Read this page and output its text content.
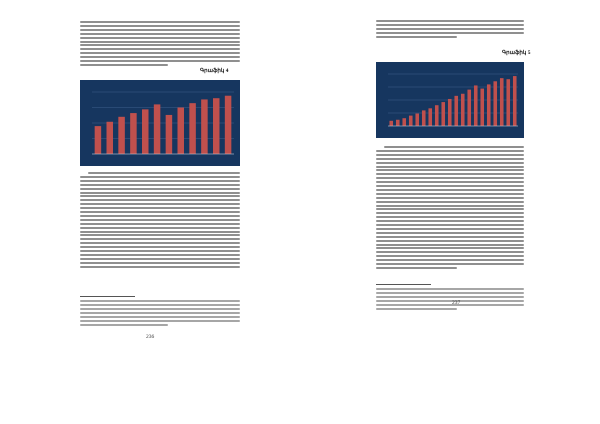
Գրաֆիկ 4
236
Գրաֆիկ 5
237
